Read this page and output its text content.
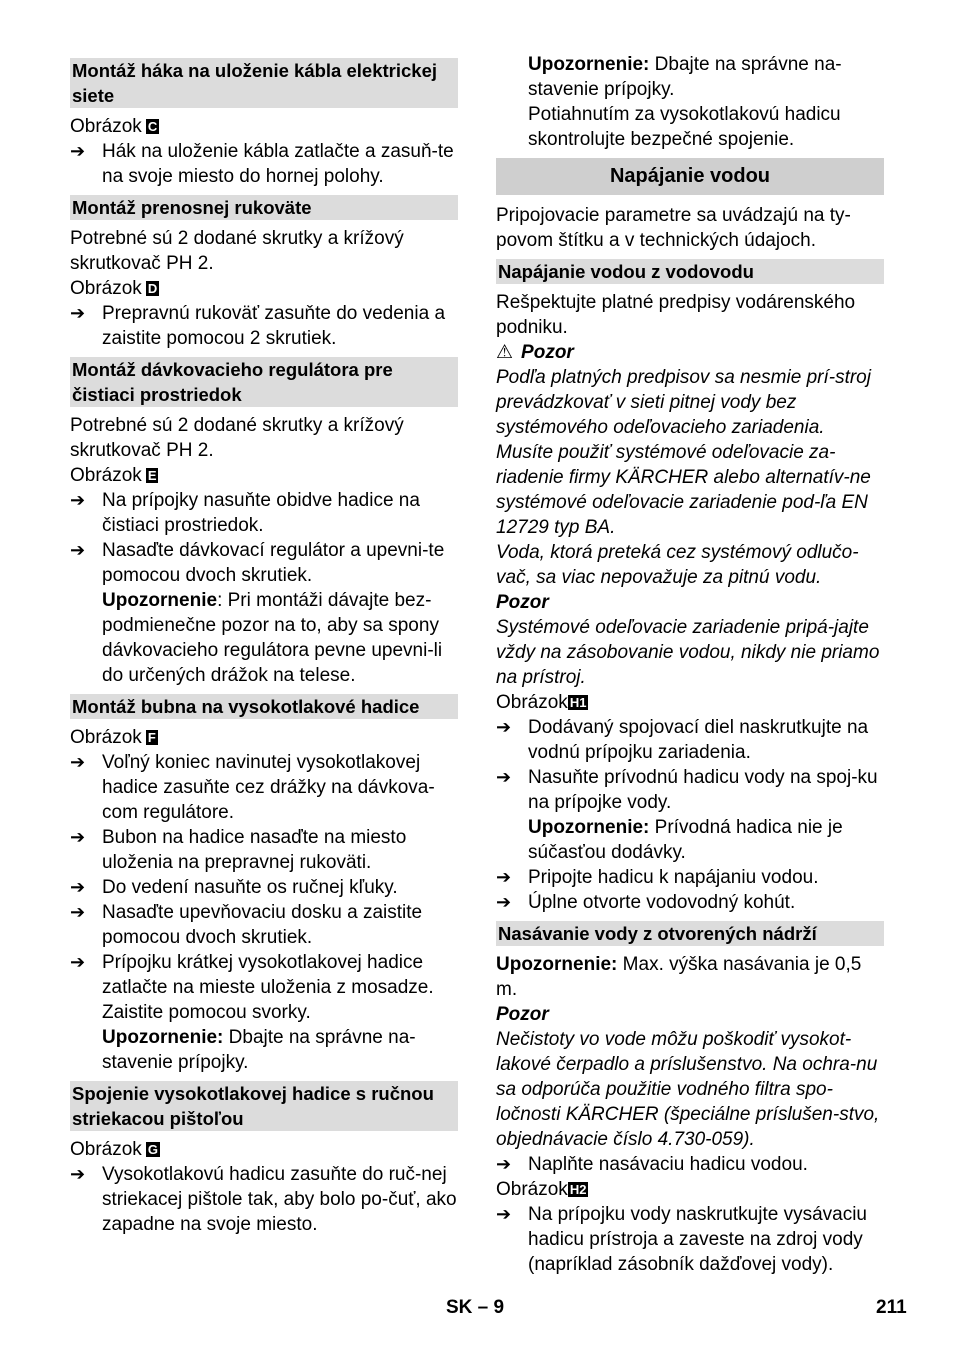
Montáž háka na uloženie kábla elektrickej siete

Obrázok C

➔ Hák na uloženie kábla zatlačte a zasuň-te na svoje miesto do hornej polohy.
Montáž prenosnej rukoväte

Potrebné sú 2 dodané skrutky a krížový skrutkovač PH 2.

Obrázok D

➔ Prepravnú rukoväť zasuňte do vedenia a zaistite pomocou 2 skrutiek.
Montáž dávkovacieho regulátora pre čistiaci prostriedok

Potrebné sú 2 dodané skrutky a krížový skrutkovač PH 2.

Obrázok E

➔ Na prípojky nasuňte obidve hadice na čistiaci prostriedok.
➔ Nasaďte dávkovací regulátor a upevni-te pomocou dvoch skrutiek.
Upozornenie: Pri montáži dávajte bez-podmienečne pozor na to, aby sa spony dávkovacieho regulátora pevne upevni-li do určených drážok na telese.
Montáž bubna na vysokotlakové hadice

Obrázok F

➔ Voľný koniec navinutej vysokotlakovej hadice zasuňte cez drážky na dávkova-com regulátore.
➔ Bubon na hadice nasaďte na miesto uloženia na prepravnej rukoväti.
➔ Do vedení nasuňte os ručnej kľuky.
➔ Nasaďte upevňovaciu dosku a zaistite pomocou dvoch skrutiek.
➔ Prípojku krátkej vysokotlakovej hadice zatlačte na mieste uloženia z mosadze. Zaistite pomocou svorky.
Upozornenie: Dbajte na správne na-stavenie prípojky.
Spojenie vysokotlakovej hadice s ručnou striekacou pištoľou

Obrázok G

➔ Vysokotlakovú hadicu zasuňte do ruč-nej striekacej pištole tak, aby bolo po-čuť, ako zapadne na svoje miesto.
Upozornenie: Dbajte na správne na-stavenie prípojky.
Potiahnutím za vysokotlakovú hadicu skontrolujte bezpečné spojenie.
Napájanie vodou

Pripojovacie parametre sa uvádzajú na ty-povom štítku a v technických údajoch.

Napájanie vodou z vodovodu

Rešpektujte platné predpisy vodárenského podniku.

⚠ Pozor

Podľa platných predpisov sa nesmie prí-stroj prevádzkovať v sieti pitnej vody bez systémového odeľovacieho zariadenia. Musíte použiť systémové odeľovacie za-riadenie firmy KÄRCHER alebo alternatív-ne systémové odeľovacie zariadenie pod-ľa EN 12729 typ BA.

Voda, ktorá preteká cez systémový odlučo-vač, sa viac nepovažuje za pitnú vodu.

Pozor

Systémové odeľovacie zariadenie pripá-jajte vždy na zásobovanie vodou, nikdy nie priamo na prístroj.

Obrázok H1

➔ Dodávaný spojovací diel naskrutkujte na vodnú prípojku zariadenia.
➔ Nasuňte prívodnú hadicu vody na spoj-ku na prípojke vody.
Upozornenie: Prívodná hadica nie je súčasťou dodávky.
➔ Pripojte hadicu k napájaniu vodou.
➔ Úplne otvorte vodovodný kohút.
Nasávanie vody z otvorených nádrží

Upozornenie: Max. výška nasávania je 0,5 m.

Pozor

Nečistoty vo vode môžu poškodiť vysokot-lakové čerpadlo a príslušenstvo. Na ochra-nu sa odporúča použitie vodného filtra spo-ločnosti KÄRCHER (špeciálne príslušen-stvo, objednávacie číslo 4.730-059).

➔ Naplňte nasávaciu hadicu vodou.

Obrázok H2

➔ Na prípojku vody naskrutkujte vysávaciu hadicu prístroja a zaveste na zdroj vody (napríklad zásobník dažďovej vody).
SK – 9	211
